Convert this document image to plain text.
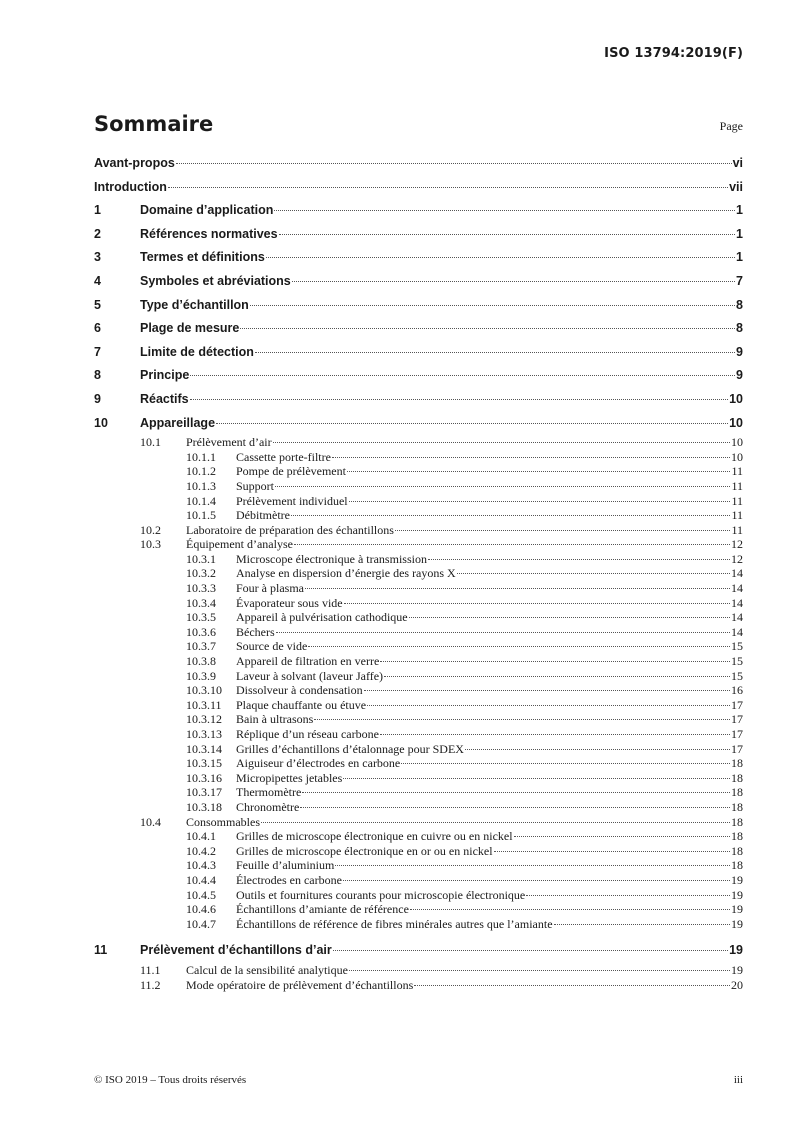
ISO 13794:2019(F)
Sommaire	Page
Avant-propos	vi
Introduction	vii
1	Domaine d’application	1
2	Références normatives	1
3	Termes et définitions	1
4	Symboles et abréviations	7
5	Type d’échantillon	8
6	Plage de mesure	8
7	Limite de détection	9
8	Principe	9
9	Réactifs	10
10	Appareillage	10
10.1	Prélèvement d’air	10
10.1.1	Cassette porte-filtre	10
10.1.2	Pompe de prélèvement	11
10.1.3	Support	11
10.1.4	Prélèvement individuel	11
10.1.5	Débitmètre	11
10.2	Laboratoire de préparation des échantillons	11
10.3	Équipement d’analyse	12
10.3.1	Microscope électronique à transmission	12
10.3.2	Analyse en dispersion d’énergie des rayons X	14
10.3.3	Four à plasma	14
10.3.4	Évaporateur sous vide	14
10.3.5	Appareil à pulvérisation cathodique	14
10.3.6	Béchers	14
10.3.7	Source de vide	15
10.3.8	Appareil de filtration en verre	15
10.3.9	Laveur à solvant (laveur Jaffe)	15
10.3.10	Dissolveur à condensation	16
10.3.11	Plaque chauffante ou étuve	17
10.3.12	Bain à ultrasons	17
10.3.13	Réplique d’un réseau carbone	17
10.3.14	Grilles d’échantillons d’étalonnage pour SDEX	17
10.3.15	Aiguiseur d’électrodes en carbone	18
10.3.16	Micropipettes jetables	18
10.3.17	Thermomètre	18
10.3.18	Chronomètre	18
10.4	Consommables	18
10.4.1	Grilles de microscope électronique en cuivre ou en nickel	18
10.4.2	Grilles de microscope électronique en or ou en nickel	18
10.4.3	Feuille d’aluminium	18
10.4.4	Électrodes en carbone	19
10.4.5	Outils et fournitures courants pour microscopie électronique	19
10.4.6	Échantillons d’amiante de référence	19
10.4.7	Échantillons de référence de fibres minérales autres que l’amiante	19
11	Prélèvement d’échantillons d’air	19
11.1	Calcul de la sensibilité analytique	19
11.2	Mode opératoire de prélèvement d’échantillons	20
© ISO 2019 – Tous droits réservés	iii
